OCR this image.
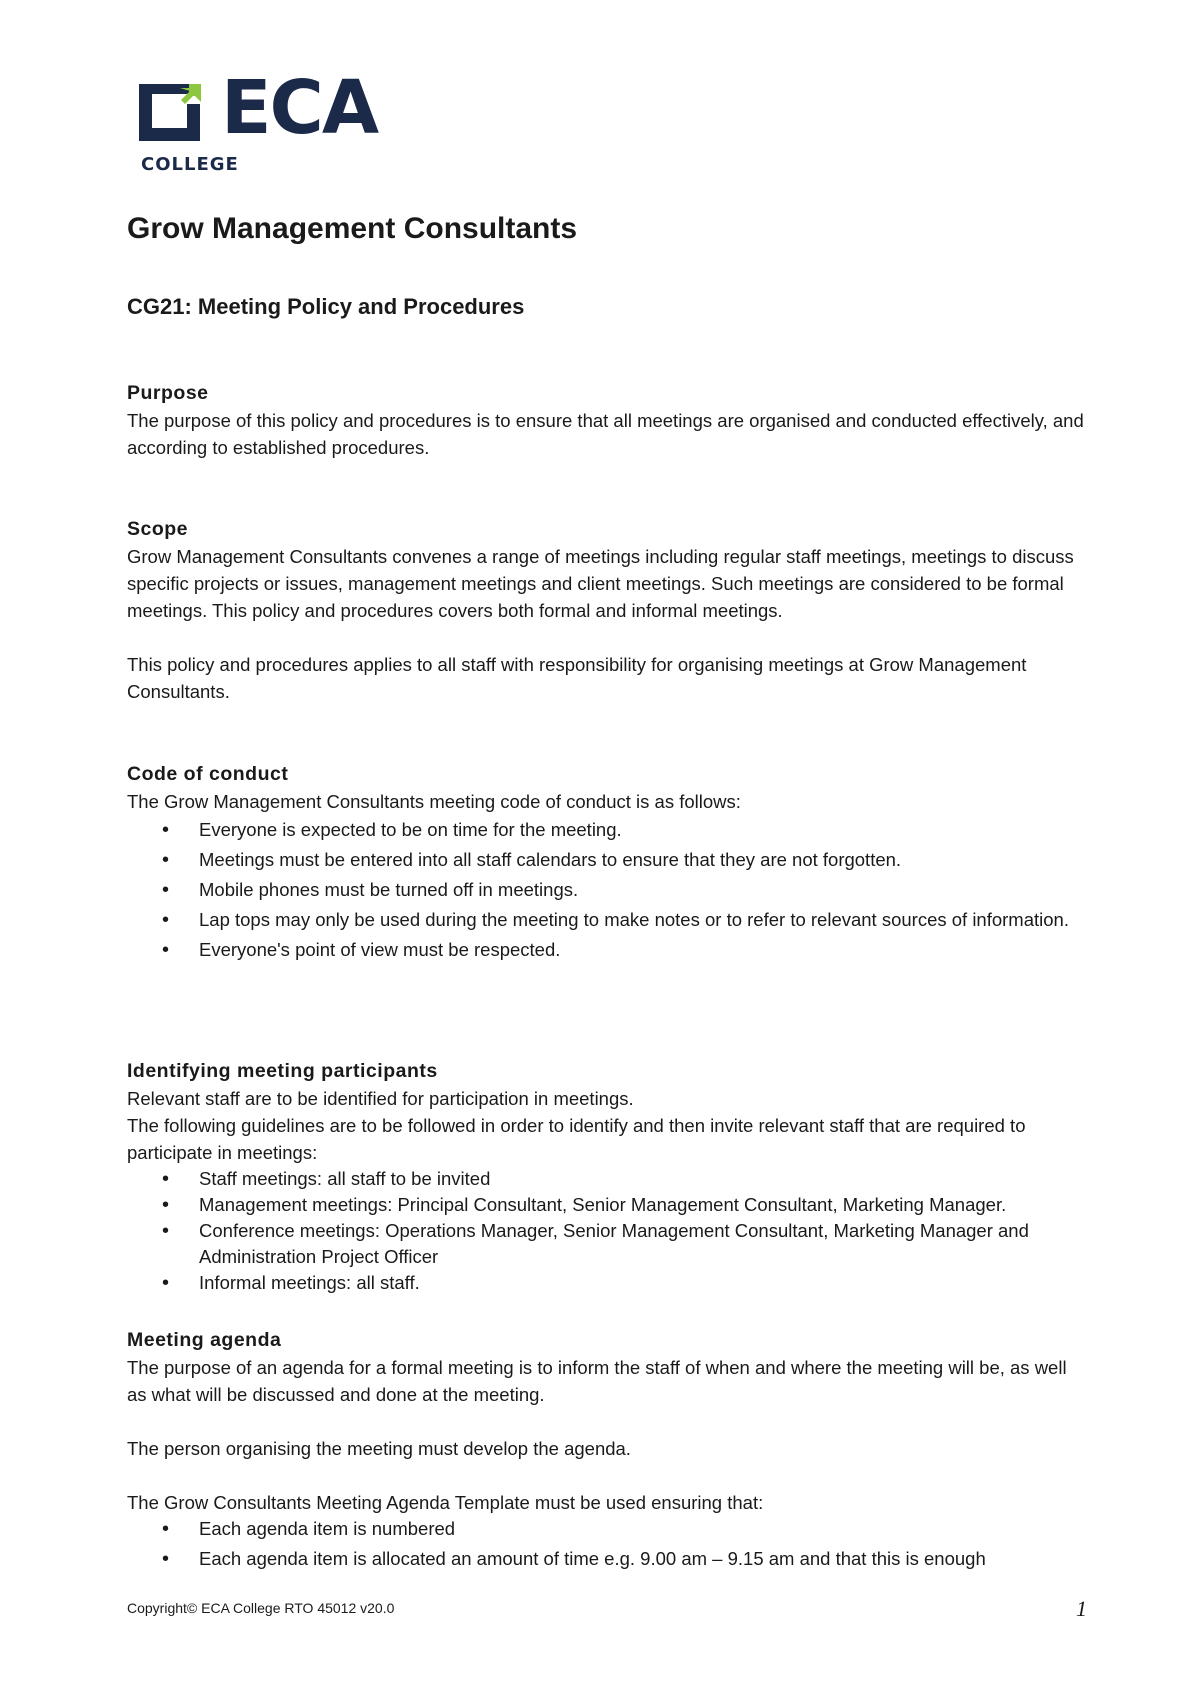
ECA
COLLEGE
Grow Management Consultants
CG21: Meeting Policy and Procedures
Purpose

The purpose of this policy and procedures is to ensure that all meetings are organised and conducted effectively, and according to established procedures.

Scope

Grow Management Consultants convenes a range of meetings including regular staff meetings, meetings to discuss specific projects or issues, management meetings and client meetings. Such meetings are considered to be formal meetings. This policy and procedures covers both formal and informal meetings.

This policy and procedures applies to all staff with responsibility for organising meetings at Grow Management Consultants.

Code of conduct

The Grow Management Consultants meeting code of conduct is as follows:

• Everyone is expected to be on time for the meeting.
• Meetings must be entered into all staff calendars to ensure that they are not forgotten.
• Mobile phones must be turned off in meetings.
• Lap tops may only be used during the meeting to make notes or to refer to relevant sources of information.
• Everyone's point of view must be respected.
Identifying meeting participants

Relevant staff are to be identified for participation in meetings.

The following guidelines are to be followed in order to identify and then invite relevant staff that are required to participate in meetings:

• Staff meetings: all staff to be invited
• Management meetings: Principal Consultant, Senior Management Consultant, Marketing Manager.
• Conference meetings: Operations Manager, Senior Management Consultant, Marketing Manager and Administration Project Officer
• Informal meetings: all staff.
Meeting agenda

The purpose of an agenda for a formal meeting is to inform the staff of when and where the meeting will be, as well as what will be discussed and done at the meeting.

The person organising the meeting must develop the agenda.

The Grow Consultants Meeting Agenda Template must be used ensuring that:

• Each agenda item is numbered
• Each agenda item is allocated an amount of time e.g. 9.00 am – 9.15 am and that this is enough
Copyright© ECA College RTO 45012 v20.0	1
